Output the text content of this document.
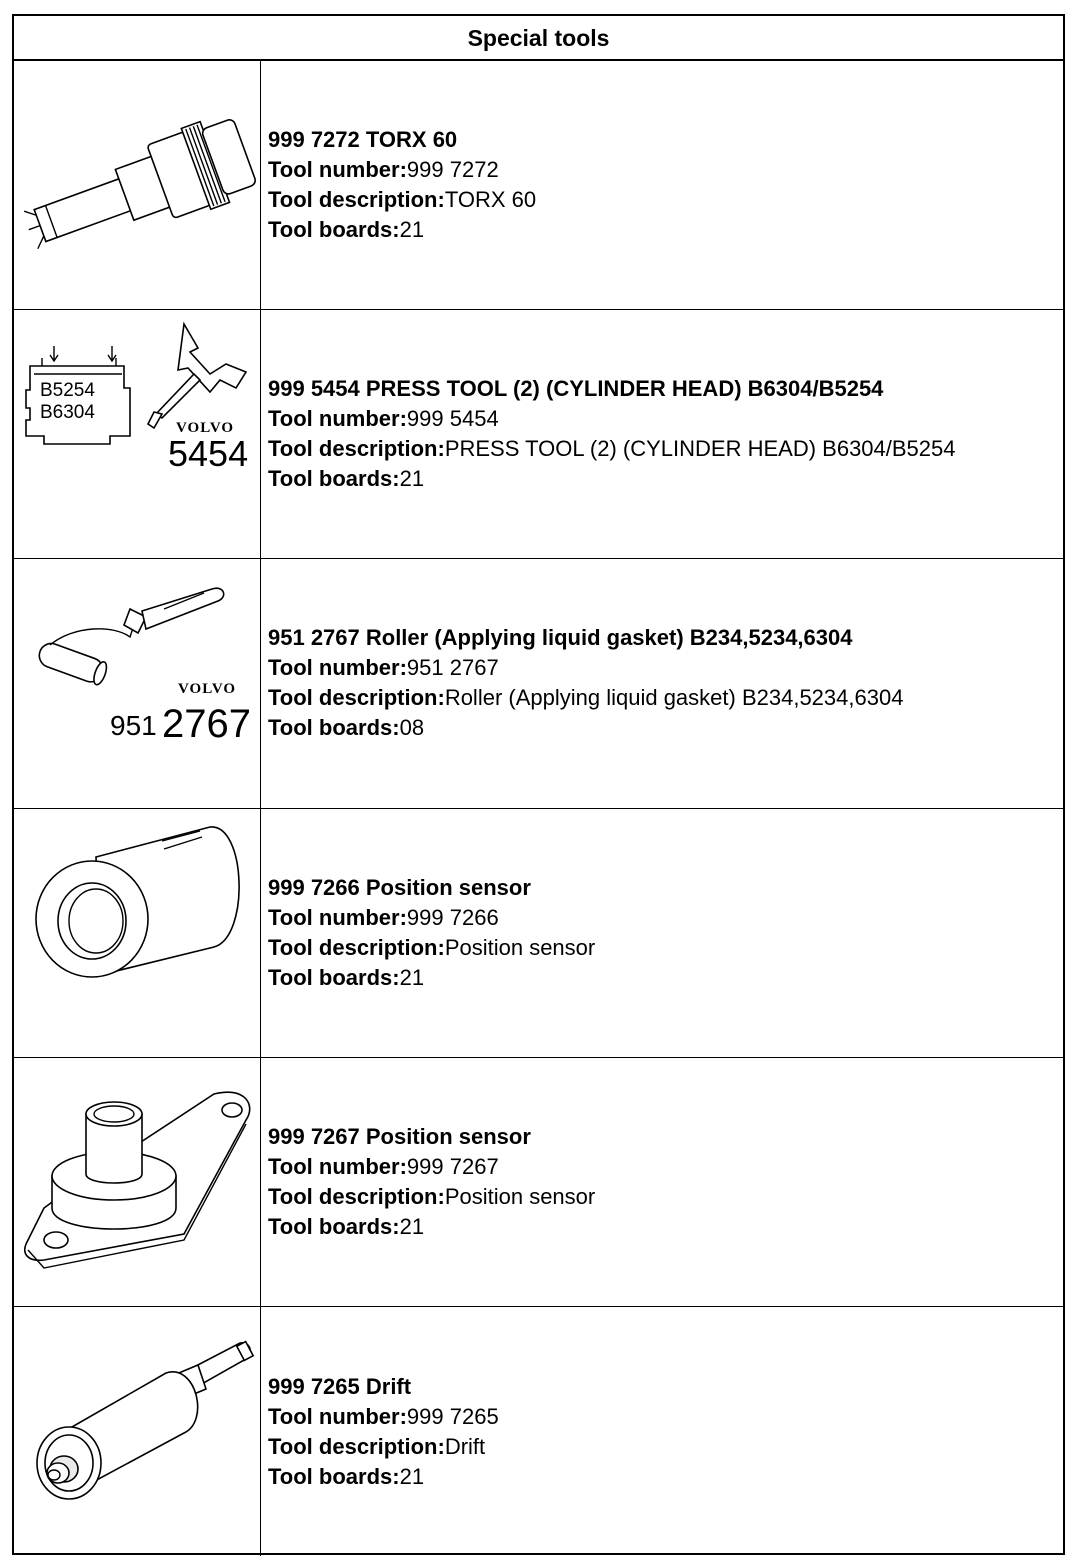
Special tools
999 7272 TORX 60
Tool number:999 7272
Tool description:TORX 60
Tool boards:21
B5254
B6304
VOLVO
5454
999 5454 PRESS TOOL (2) (CYLINDER HEAD) B6304/B5254
Tool number:999 5454
Tool description:PRESS TOOL (2) (CYLINDER HEAD) B6304/B5254
Tool boards:21
VOLVO
951 2767
951 2767 Roller (Applying liquid gasket) B234,5234,6304
Tool number:951 2767
Tool description:Roller (Applying liquid gasket) B234,5234,6304
Tool boards:08
999 7266 Position sensor
Tool number:999 7266
Tool description:Position sensor
Tool boards:21
999 7267 Position sensor
Tool number:999 7267
Tool description:Position sensor
Tool boards:21
999 7265 Drift
Tool number:999 7265
Tool description:Drift
Tool boards:21
